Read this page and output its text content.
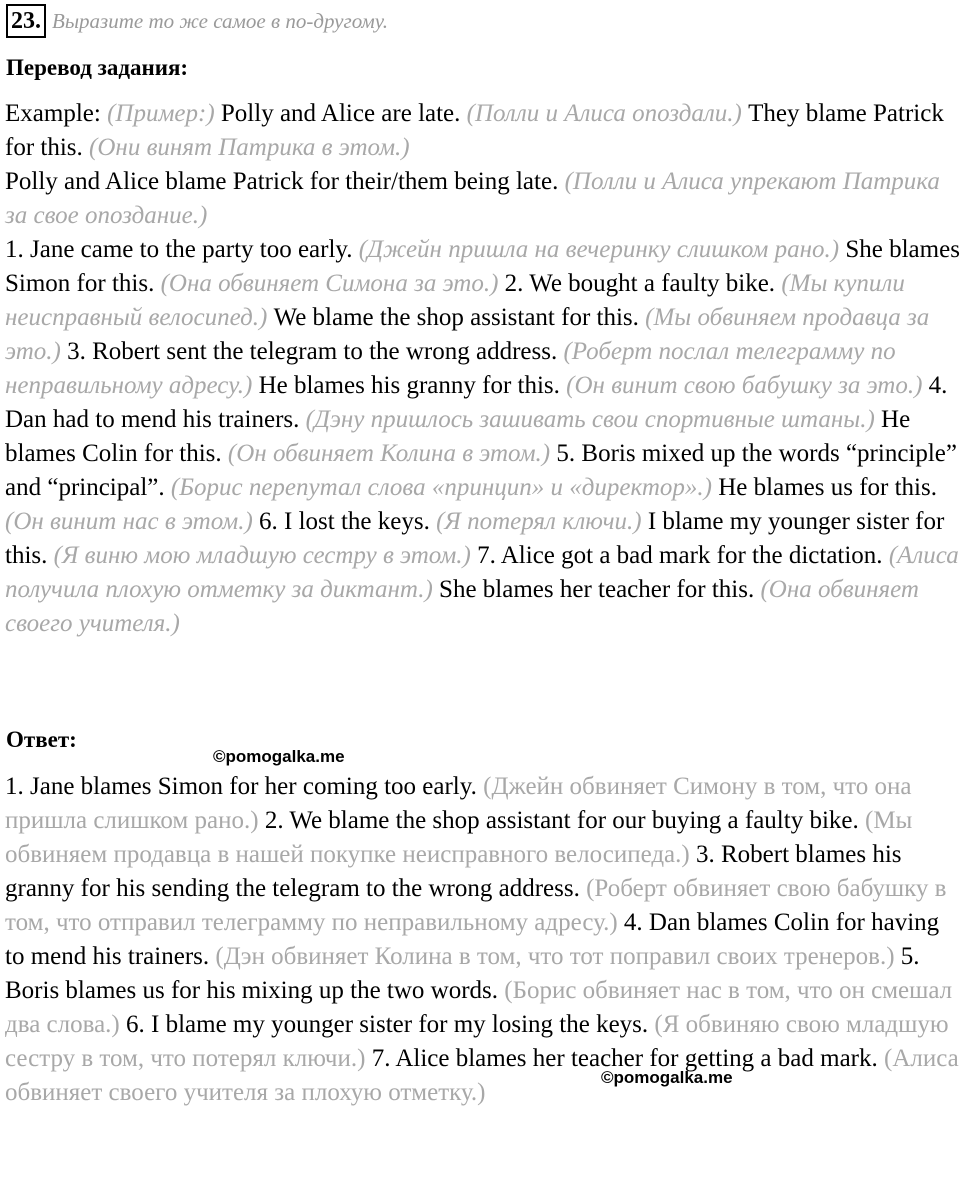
23. Выразите то же самое в по-другому.
Перевод задания:
Example: (Пример:) Polly and Alice are late. (Полли и Алиса опоздали.) They blame Patrick for this. (Они винят Патрика в этом.)
Polly and Alice blame Patrick for their/them being late. (Полли и Алиса упрекают Патрика за свое опоздание.)
1. Jane came to the party too early. (Джейн пришла на вечеринку слишком рано.) She blames Simon for this. (Она обвиняет Симона за это.) 2. We bought a faulty bike. (Мы купили неисправный велосипед.) We blame the shop assistant for this. (Мы обвиняем продавца за это.) 3. Robert sent the telegram to the wrong address. (Роберт послал телеграмму по неправильному адресу.) He blames his granny for this. (Он винит свою бабушку за это.) 4. Dan had to mend his trainers. (Дэну пришлось зашивать свои спортивные штаны.) He blames Colin for this. (Он обвиняет Колина в этом.) 5. Boris mixed up the words “principle” and “principal”. (Борис перепутал слова «принцип» и «директор».) He blames us for this. (Он винит нас в этом.) 6. I lost the keys. (Я потерял ключи.) I blame my younger sister for this. (Я виню мою младшую сестру в этом.) 7. Alice got a bad mark for the dictation. (Алиса получила плохую отметку за диктант.) She blames her teacher for this. (Она обвиняет своего учителя.)
Ответ:
©pomogalka.me
1. Jane blames Simon for her coming too early. (Джейн обвиняет Симону в том, что она пришла слишком рано.) 2. We blame the shop assistant for our buying a faulty bike. (Мы обвиняем продавца в нашей покупке неисправного велосипеда.) 3. Robert blames his granny for his sending the telegram to the wrong address. (Роберт обвиняет свою бабушку в том, что отправил телеграмму по неправильному адресу.) 4. Dan blames Colin for having to mend his trainers. (Дэн обвиняет Колина в том, что тот поправил своих тренеров.) 5. Boris blames us for his mixing up the two words. (Борис обвиняет нас в том, что он смешал два слова.) 6. I blame my younger sister for my losing the keys. (Я обвиняю свою младшую сестру в том, что потерял ключи.) 7. Alice blames her teacher for getting a bad mark. (Алиса обвиняет своего учителя за плохую отметку.)
©pomogalka.me
